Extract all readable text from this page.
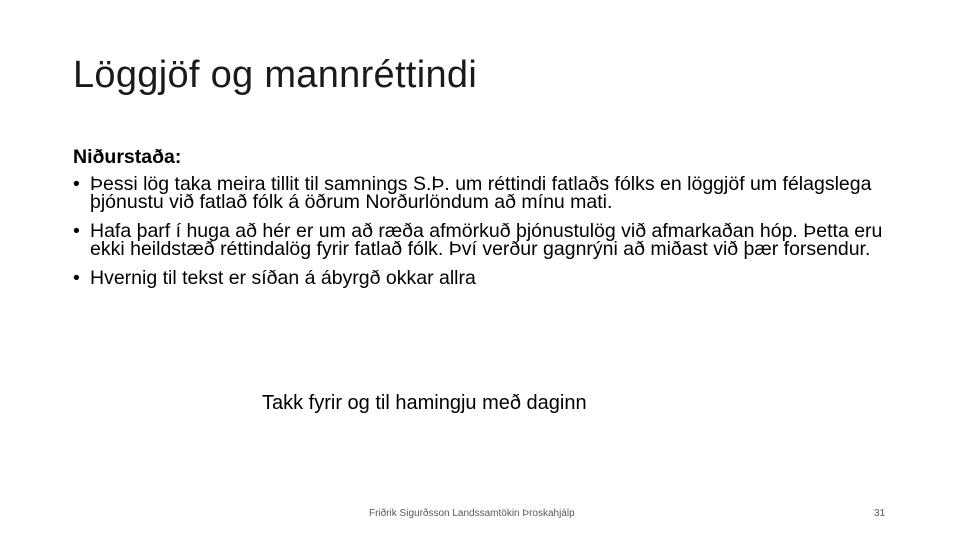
Löggjöf og mannréttindi
Niðurstaða:
• Þessi lög taka meira tillit til samnings S.Þ. um réttindi fatlaðs fólks en löggjöf um félagslega þjónustu við fatlað fólk á öðrum Norðurlöndum að mínu mati.
• Hafa þarf í huga að hér er um að ræða afmörkuð þjónustulög við afmarkaðan hóp. Þetta eru ekki heildstæð réttindalög fyrir fatlað fólk. Því verður gagnrýni að miðast við þær forsendur.
• Hvernig til tekst er síðan á ábyrgð okkar allra
Takk fyrir og til hamingju með daginn
Friðrik Sigurðsson Landssamtökin Þroskahjálp	31
